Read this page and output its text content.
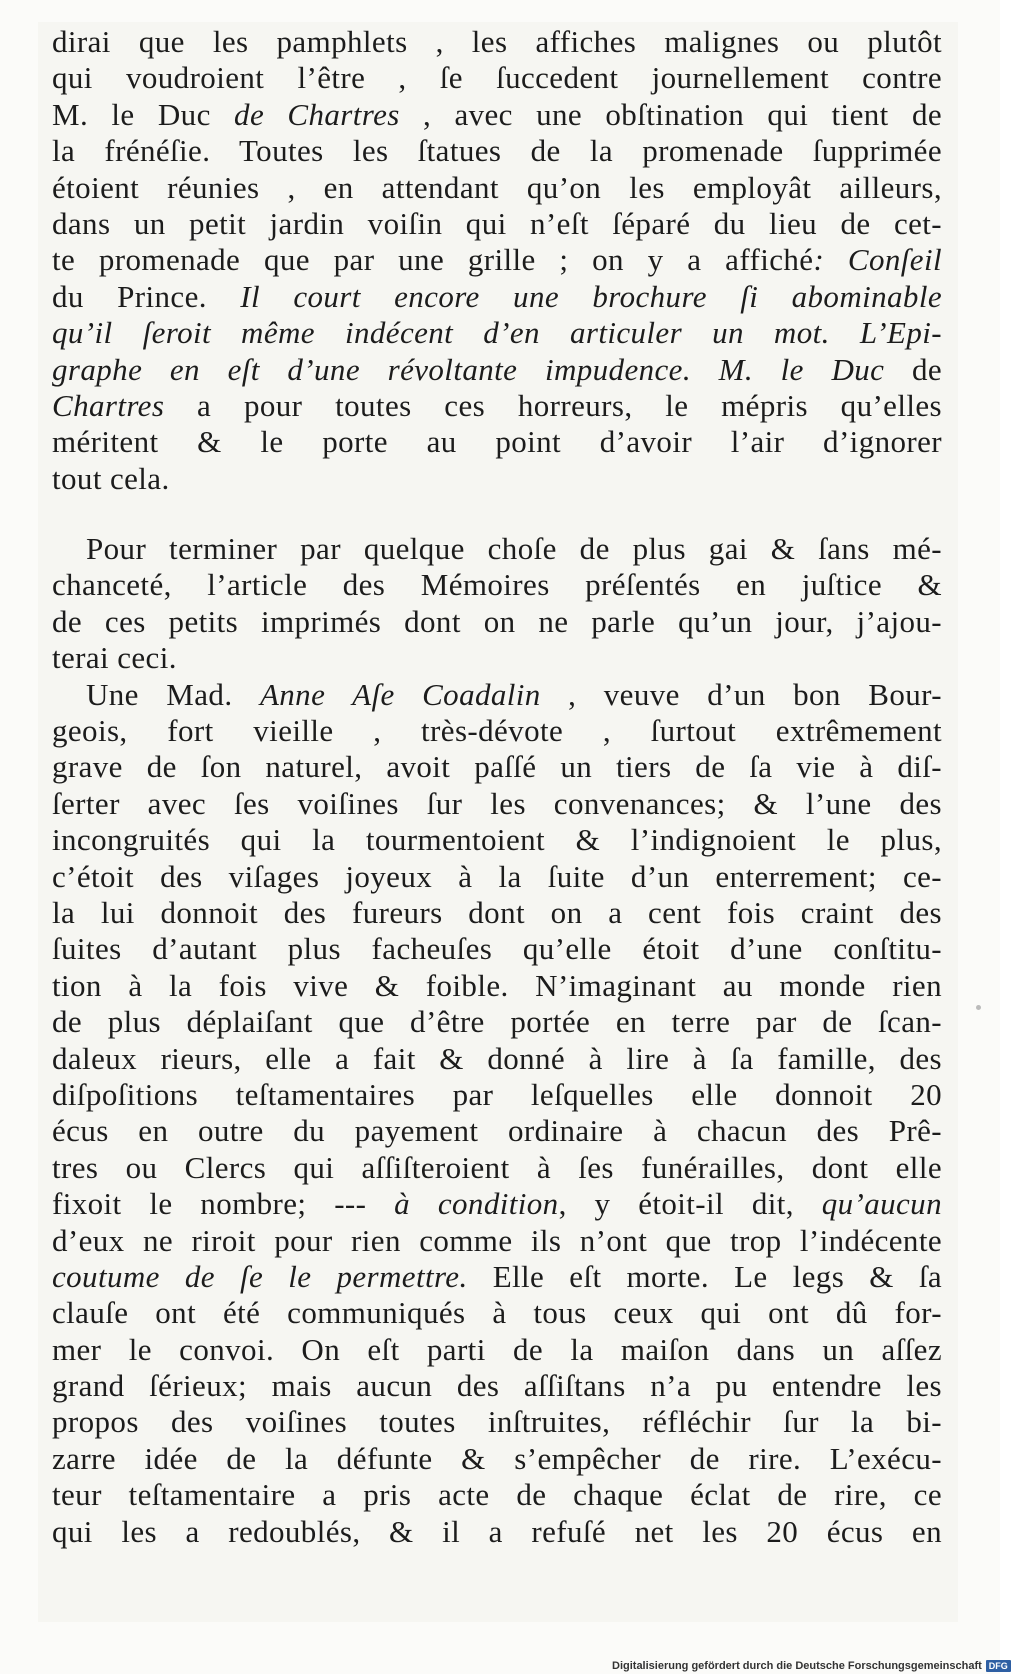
dirai que les pamphlets , les affiches malignes ou plutôt
qui voudroient l’être , ſe ſuccedent journellement contre
M. le Duc de Chartres , avec une obſtination qui tient de
la frénéſie. Toutes les ſtatues de la promenade ſupprimée
étoient réunies , en attendant qu’on les employât ailleurs,
dans un petit jardin voiſin qui n’eſt ſéparé du lieu de cet-
te promenade que par une grille ; on y a affiché: Conſeil
du Prince. Il court encore une brochure ſi abominable
qu’il ſeroit même indécent d’en articuler un mot. L’Epi-
graphe en eſt d’une révoltante impudence. M. le Duc de
Chartres a pour toutes ces horreurs, le mépris qu’elles
méritent & le porte au point d’avoir l’air d’ignorer
tout cela.
Pour terminer par quelque choſe de plus gai & ſans mé-
chanceté, l’article des Mémoires préſentés en juſtice &
de ces petits imprimés dont on ne parle qu’un jour, j’ajou-
terai ceci.
Une Mad. Anne Aſe Coadalin , veuve d’un bon Bour-
geois, fort vieille , très-dévote , ſurtout extrêmement
grave de ſon naturel, avoit paſſé un tiers de ſa vie à diſ-
ſerter avec ſes voiſines ſur les convenances; & l’une des
incongruités qui la tourmentoient & l’indignoient le plus,
c’étoit des viſages joyeux à la ſuite d’un enterrement; ce-
la lui donnoit des fureurs dont on a cent fois craint des
ſuites d’autant plus facheuſes qu’elle étoit d’une conſtitu-
tion à la fois vive & foible. N’imaginant au monde rien
de plus déplaiſant que d’être portée en terre par de ſcan-
daleux rieurs, elle a fait & donné à lire à ſa famille, des
diſpoſitions teſtamentaires par leſquelles elle donnoit 20
écus en outre du payement ordinaire à chacun des Prê-
tres ou Clercs qui aſſiſteroient à ſes funérailles, dont elle
fixoit le nombre; --- à condition, y étoit-il dit, qu’aucun
d’eux ne riroit pour rien comme ils n’ont que trop l’indécente
coutume de ſe le permettre. Elle eſt morte. Le legs & ſa
clauſe ont été communiqués à tous ceux qui ont dû for-
mer le convoi. On eſt parti de la maiſon dans un aſſez
grand ſérieux; mais aucun des aſſiſtans n’a pu entendre les
propos des voiſines toutes inſtruites, réfléchir ſur la bi-
zarre idée de la défunte & s’empêcher de rire. L’exécu-
teur teſtamentaire a pris acte de chaque éclat de rire, ce
qui les a redoublés, & il a refuſé net les 20 écus en
Digitalisierung gefördert durch die Deutsche Forschungsgemeinschaft DFG
